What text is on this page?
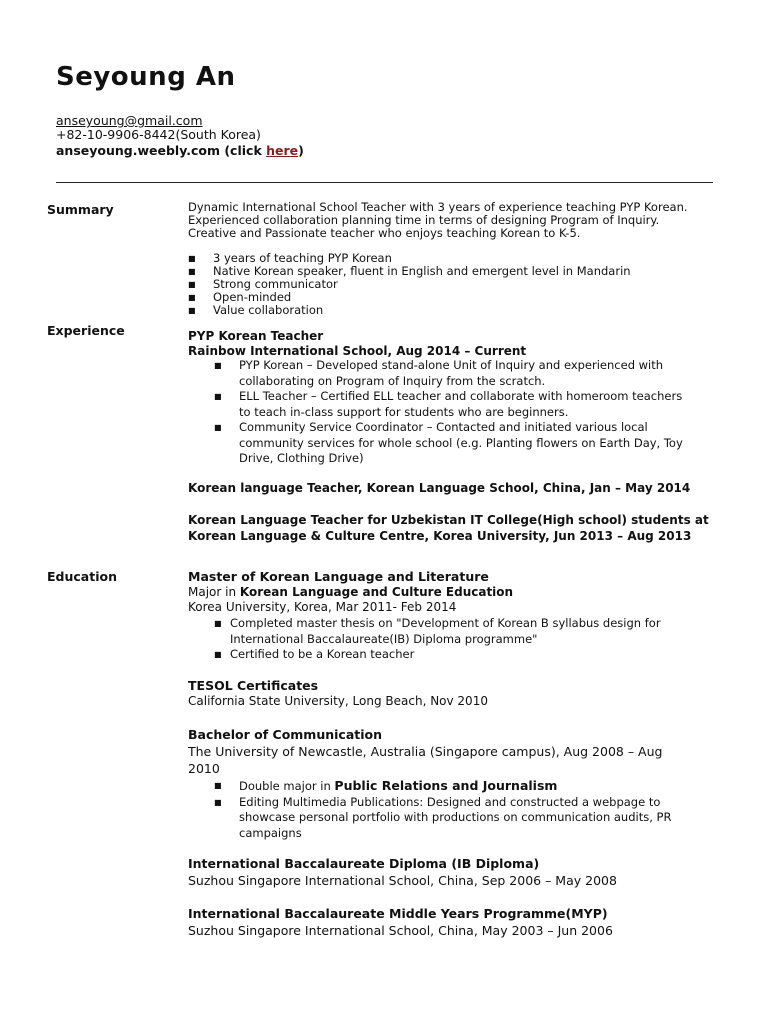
Seyoung An
anseyoung@gmail.com
+82-10-9906-8442(South Korea)
anseyoung.weebly.com (click here)
Summary	Dynamic International School Teacher with 3 years of experience teaching PYP Korean.
Experienced collaboration planning time in terms of designing Program of Inquiry.
Creative and Passionate teacher who enjoys teaching Korean to K-5.
■ 3 years of teaching PYP Korean
■ Native Korean speaker, fluent in English and emergent level in Mandarin
■ Strong communicator
■ Open-minded
■ Value collaboration
Experience	PYP Korean Teacher
Rainbow International School, Aug 2014 – Current
■ PYP Korean – Developed stand-alone Unit of Inquiry and experienced with
collaborating on Program of Inquiry from the scratch.
■ ELL Teacher – Certified ELL teacher and collaborate with homeroom teachers
to teach in-class support for students who are beginners.
■ Community Service Coordinator – Contacted and initiated various local
community services for whole school (e.g. Planting flowers on Earth Day, Toy
Drive, Clothing Drive)
Korean language Teacher, Korean Language School, China, Jan – May 2014
Korean Language Teacher for Uzbekistan IT College(High school) students at
Korean Language & Culture Centre, Korea University, Jun 2013 – Aug 2013
Education	Master of Korean Language and Literature
Major in Korean Language and Culture Education
Korea University, Korea, Mar 2011- Feb 2014
■ Completed master thesis on "Development of Korean B syllabus design for
International Baccalaureate(IB) Diploma programme"
■ Certified to be a Korean teacher
TESOL Certificates
California State University, Long Beach, Nov 2010
Bachelor of Communication
The University of Newcastle, Australia (Singapore campus), Aug 2008 – Aug
2010
■ Double major in Public Relations and Journalism
■ Editing Multimedia Publications: Designed and constructed a webpage to
showcase personal portfolio with productions on communication audits, PR
campaigns
International Baccalaureate Diploma (IB Diploma)
Suzhou Singapore International School, China, Sep 2006 – May 2008
International Baccalaureate Middle Years Programme(MYP)
Suzhou Singapore International School, China, May 2003 – Jun 2006
